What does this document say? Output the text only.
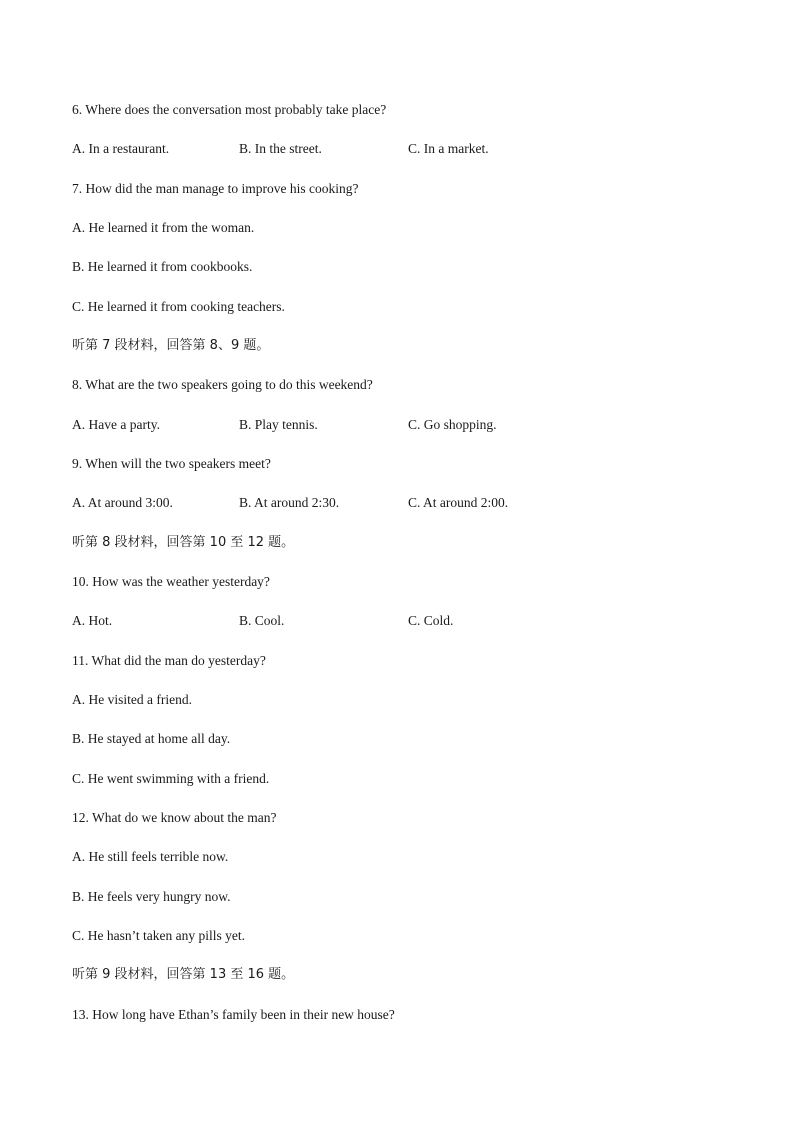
6. Where does the conversation most probably take place?
A. In a restaurant.	B. In the street.	C. In a market.
7. How did the man manage to improve his cooking?
A. He learned it from the woman.
B. He learned it from cookbooks.
C. He learned it from cooking teachers.
听第 7 段材料，回答第 8、9 题。
8. What are the two speakers going to do this weekend?
A. Have a party.	B. Play tennis.	C. Go shopping.
9. When will the two speakers meet?
A. At around 3:00.	B. At around 2:30.	C. At around 2:00.
听第 8 段材料，回答第 10 至 12 题。
10. How was the weather yesterday?
A. Hot.	B. Cool.	C. Cold.
11. What did the man do yesterday?
A. He visited a friend.
B. He stayed at home all day.
C. He went swimming with a friend.
12. What do we know about the man?
A. He still feels terrible now.
B. He feels very hungry now.
C. He hasn’t taken any pills yet.
听第 9 段材料，回答第 13 至 16 题。
13. How long have Ethan’s family been in their new house?
